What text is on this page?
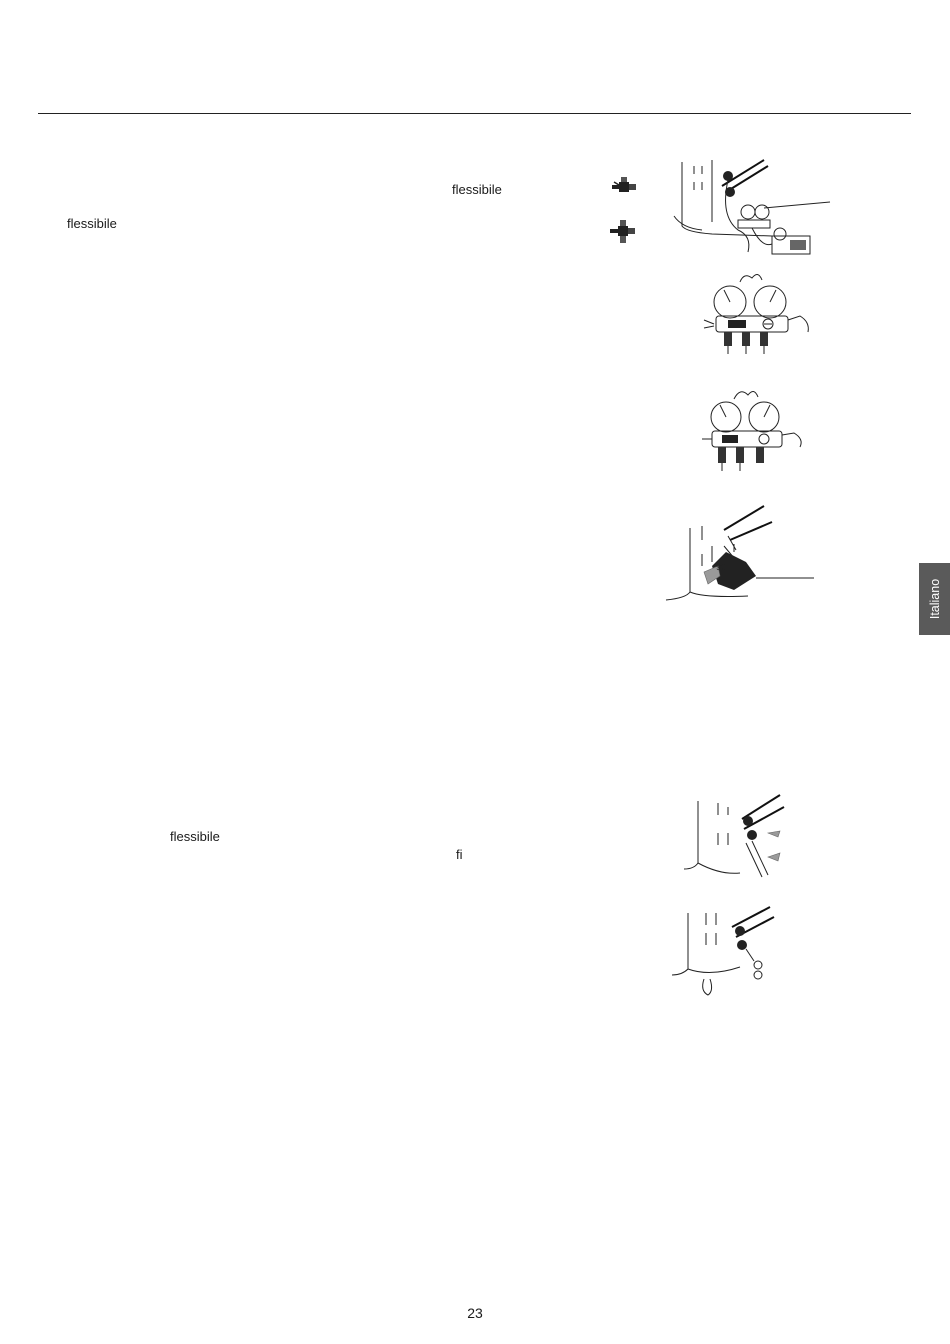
flessibile
flessibile
flessibile
fi
90
Italiano
23
